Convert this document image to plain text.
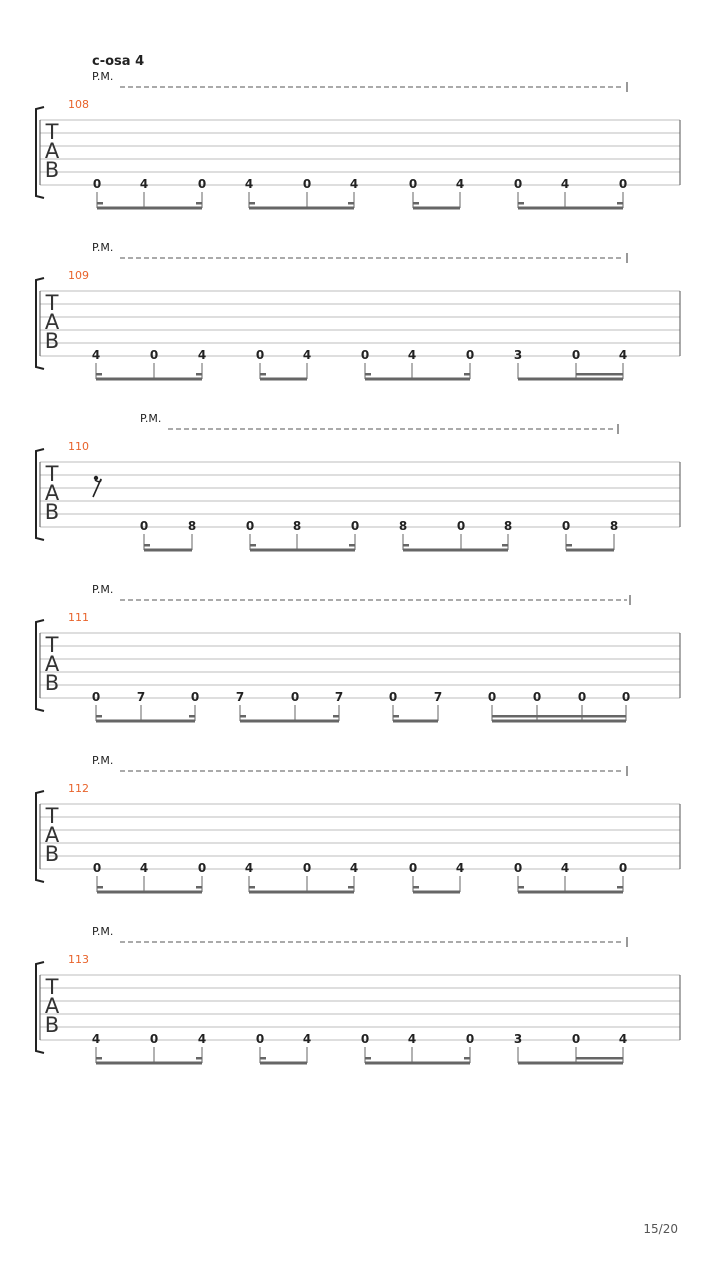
c-osa 4
P.M.
108
T
A
B
0	4	0	4	0	4	0	4	0	4	0
P.M.
109
T
A
B
4	0	4	0	4	0	4	0	3	0	4
P.M.
110
T
A
B
0	8	0	8	0	8	0	8	0	8
P.M.
111
T
A
B
0	7	0	7	0	7	0	7	0	0	0	0
P.M.
112
T
A
B
0	4	0	4	0	4	0	4	0	4	0
P.M.
113
T
A
B
4	0	4	0	4	0	4	0	3	0	4
15/20
